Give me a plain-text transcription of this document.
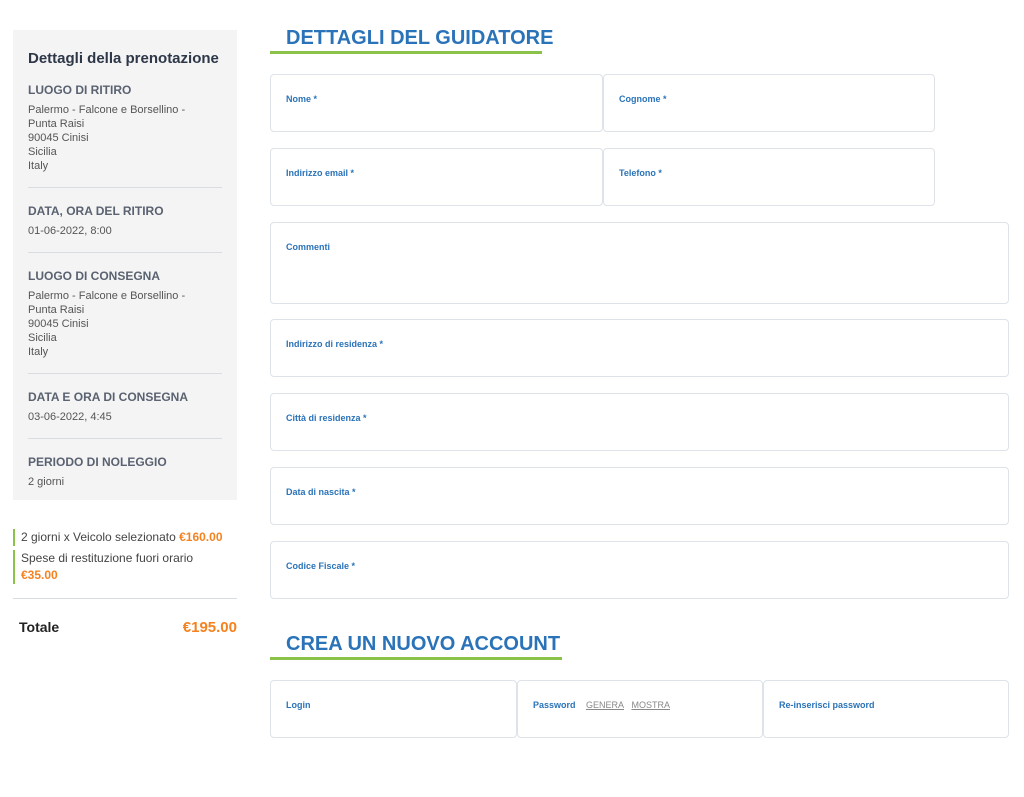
Dettagli della prenotazione
LUOGO DI RITIRO
Palermo - Falcone e Borsellino -
Punta Raisi
90045 Cinisi
Sicilia
Italy
DATA, ORA DEL RITIRO
01-06-2022, 8:00
LUOGO DI CONSEGNA
Palermo - Falcone e Borsellino -
Punta Raisi
90045 Cinisi
Sicilia
Italy
DATA E ORA DI CONSEGNA
03-06-2022, 4:45
PERIODO DI NOLEGGIO
2 giorni
2 giorni x Veicolo selezionato €160.00
Spese di restituzione fuori orario
€35.00
Totale	€195.00
DETTAGLI DEL GUIDATORE
Nome *	Cognome *
Indirizzo email *	Telefono *
Commenti
Indirizzo di residenza *
Città di residenza *
Data di nascita *
Codice Fiscale *
CREA UN NUOVO ACCOUNT
Login	Password GENERA MOSTRA	Re-inserisci password
